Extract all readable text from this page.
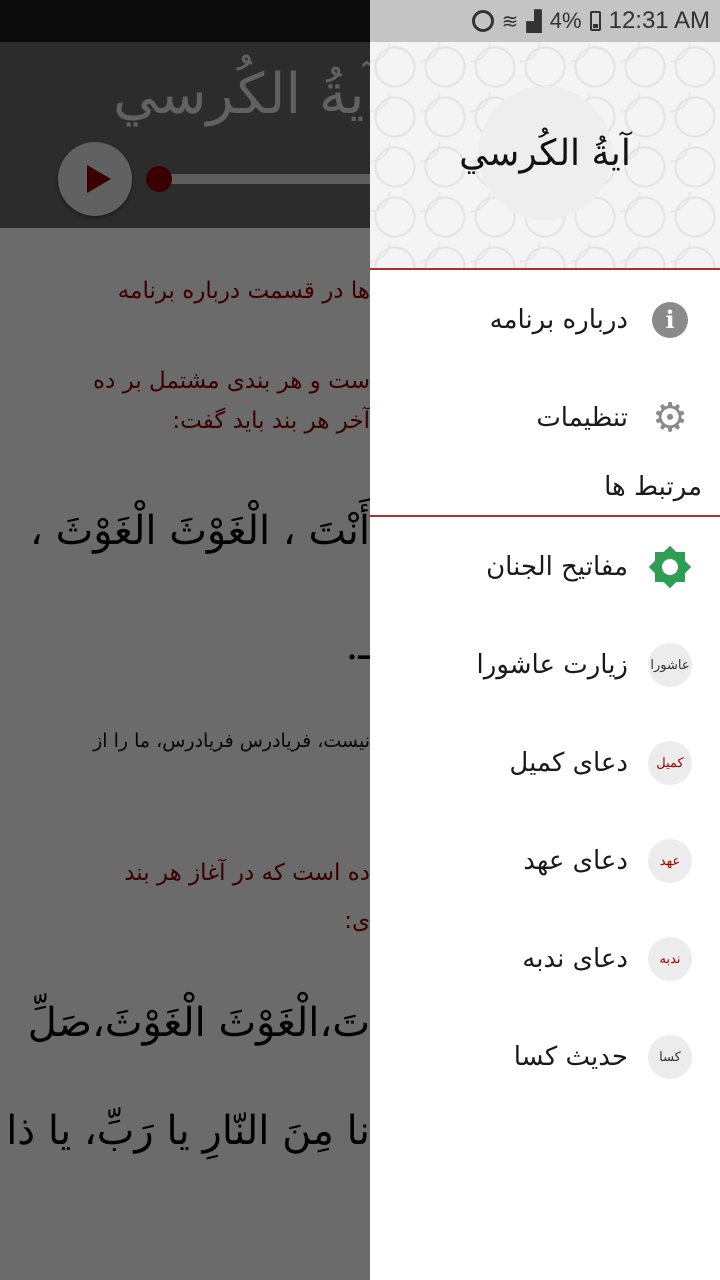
≋ ▟ 4% 12:31 AM
آيةُ الكُرسي
i
درباره برنامه
⚙
تنظیمات
مرتبط ها
مفاتیح الجنان
عاشورا
زیارت عاشورا
کمیل
دعای کمیل
عهد
دعای عهد
ندبه
دعای ندبه
کسا
حدیث کسا
